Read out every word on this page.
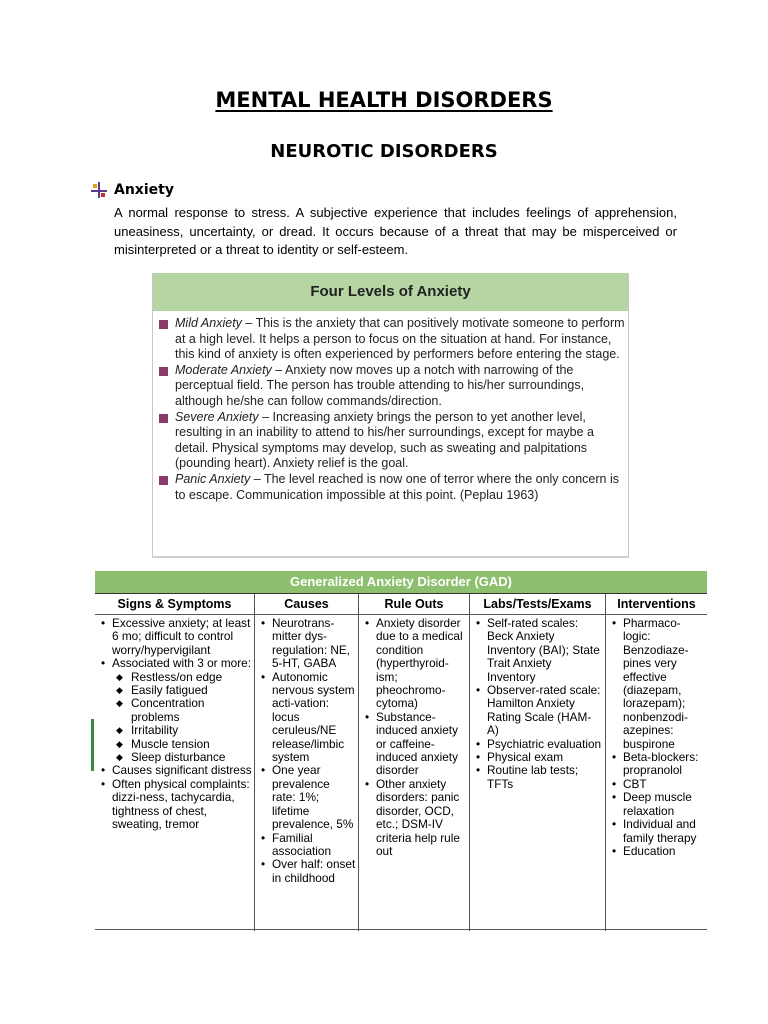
MENTAL HEALTH DISORDERS
NEUROTIC DISORDERS
Anxiety
A normal response to stress. A subjective experience that includes feelings of apprehension, uneasiness, uncertainty, or dread. It occurs because of a threat that may be misperceived or misinterpreted or a threat to identity or self-esteem.
Four Levels of Anxiety
Mild Anxiety – This is the anxiety that can positively motivate someone to perform at a high level. It helps a person to focus on the situation at hand. For instance, this kind of anxiety is often experienced by performers before entering the stage.
Moderate Anxiety – Anxiety now moves up a notch with narrowing of the perceptual field. The person has trouble attending to his/her surroundings, although he/she can follow commands/direction.
Severe Anxiety – Increasing anxiety brings the person to yet another level, resulting in an inability to attend to his/her surroundings, except for maybe a detail. Physical symptoms may develop, such as sweating and palpitations (pounding heart). Anxiety relief is the goal.
Panic Anxiety – The level reached is now one of terror where the only concern is to escape. Communication impossible at this point. (Peplau 1963)
Generalized Anxiety Disorder (GAD)
Signs & Symptoms
• Excessive anxiety; at least 6 mo; difficult to control worry/hypervigilant
• Associated with 3 or more:
◆ Restless/on edge
◆ Easily fatigued
◆ Concentration problems
◆ Irritability
◆ Muscle tension
◆ Sleep disturbance
• Causes significant distress
• Often physical complaints: dizzi-ness, tachycardia, tightness of chest, sweating, tremor
Causes
• Neurotrans-mitter dys-regulation: NE, 5-HT, GABA
• Autonomic nervous system acti-vation: locus ceruleus/NE release/limbic system
• One year prevalence rate: 1%; lifetime prevalence, 5%
• Familial association
• Over half: onset in childhood
Rule Outs
• Anxiety disorder due to a medical condition (hyperthyroid-ism; pheochromo-cytoma)
• Substance-induced anxiety or caffeine-induced anxiety disorder
• Other anxiety disorders: panic disorder, OCD, etc.; DSM-IV criteria help rule out
Labs/Tests/Exams
• Self-rated scales: Beck Anxiety Inventory (BAI); State Trait Anxiety Inventory
• Observer-rated scale: Hamilton Anxiety Rating Scale (HAM-A)
• Psychiatric evaluation
• Physical exam
• Routine lab tests; TFTs
Interventions
• Pharmaco-logic: Benzodiaze-pines very effective (diazepam, lorazepam); nonbenzodi-azepines: buspirone
• Beta-blockers: propranolol
• CBT
• Deep muscle relaxation
• Individual and family therapy
• Education
